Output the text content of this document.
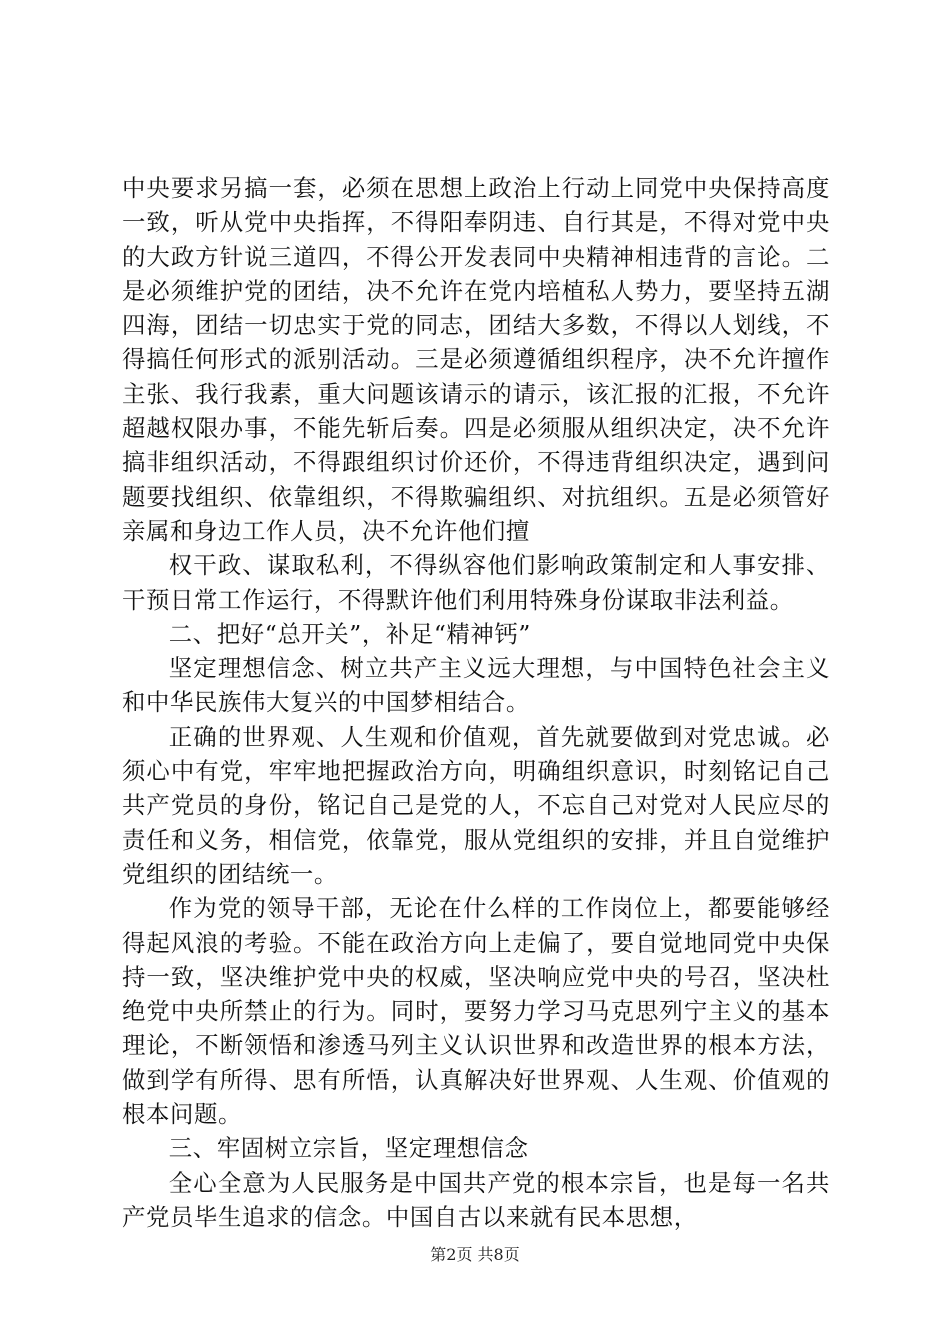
中央要求另搞一套，必须在思想上政治上行动上同党中央保持高度一致，听从党中央指挥，不得阳奉阴违、自行其是，不得对党中央的大政方针说三道四，不得公开发表同中央精神相违背的言论。二是必须维护党的团结，决不允许在党内培植私人势力，要坚持五湖四海，团结一切忠实于党的同志，团结大多数，不得以人划线，不得搞任何形式的派别活动。三是必须遵循组织程序，决不允许擅作主张、我行我素，重大问题该请示的请示，该汇报的汇报，不允许超越权限办事，不能先斩后奏。四是必须服从组织决定，决不允许搞非组织活动，不得跟组织讨价还价，不得违背组织决定，遇到问题要找组织、依靠组织，不得欺骗组织、对抗组织。五是必须管好亲属和身边工作人员，决不允许他们擅

权干政、谋取私利，不得纵容他们影响政策制定和人事安排、干预日常工作运行，不得默许他们利用特殊身份谋取非法利益。

二、把好“总开关”，补足“精神钙”

坚定理想信念、树立共产主义远大理想，与中国特色社会主义和中华民族伟大复兴的中国梦相结合。

正确的世界观、人生观和价值观，首先就要做到对党忠诚。必须心中有党，牢牢地把握政治方向，明确组织意识，时刻铭记自己共产党员的身份，铭记自己是党的人，不忘自己对党对人民应尽的责任和义务，相信党，依靠党，服从党组织的安排，并且自觉维护党组织的团结统一。

作为党的领导干部，无论在什么样的工作岗位上，都要能够经得起风浪的考验。不能在政治方向上走偏了，要自觉地同党中央保持一致，坚决维护党中央的权威，坚决响应党中央的号召，坚决杜绝党中央所禁止的行为。同时，要努力学习马克思列宁主义的基本理论，不断领悟和渗透马列主义认识世界和改造世界的根本方法，做到学有所得、思有所悟，认真解决好世界观、人生观、价值观的根本问题。

三、牢固树立宗旨，坚定理想信念

全心全意为人民服务是中国共产党的根本宗旨，也是每一名共产党员毕生追求的信念。中国自古以来就有民本思想，

第2页 共8页
